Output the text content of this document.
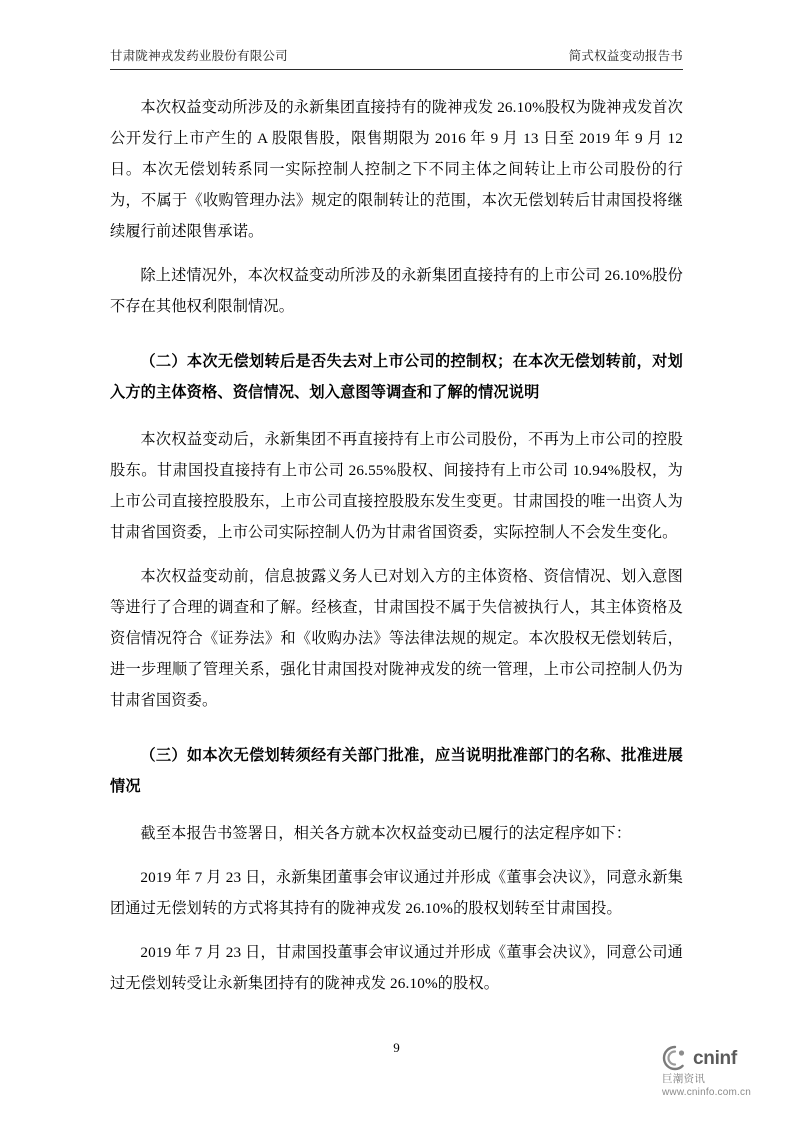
甘肃陇神戎发药业股份有限公司	简式权益变动报告书

本次权益变动所涉及的永新集团直接持有的陇神戎发 26.10%股权为陇神戎发首次公开发行上市产生的 A 股限售股，限售期限为 2016 年 9 月 13 日至 2019 年 9 月 12 日。本次无偿划转系同一实际控制人控制之下不同主体之间转让上市公司股份的行为，不属于《收购管理办法》规定的限制转让的范围，本次无偿划转后甘肃国投将继续履行前述限售承诺。

除上述情况外，本次权益变动所涉及的永新集团直接持有的上市公司 26.10%股份不存在其他权利限制情况。

（二）本次无偿划转后是否失去对上市公司的控制权；在本次无偿划转前，对划入方的主体资格、资信情况、划入意图等调查和了解的情况说明

本次权益变动后，永新集团不再直接持有上市公司股份，不再为上市公司的控股股东。甘肃国投直接持有上市公司 26.55%股权、间接持有上市公司 10.94%股权，为上市公司直接控股股东，上市公司直接控股股东发生变更。甘肃国投的唯一出资人为甘肃省国资委，上市公司实际控制人仍为甘肃省国资委，实际控制人不会发生变化。

本次权益变动前，信息披露义务人已对划入方的主体资格、资信情况、划入意图等进行了合理的调查和了解。经核查，甘肃国投不属于失信被执行人，其主体资格及资信情况符合《证券法》和《收购办法》等法律法规的规定。本次股权无偿划转后，进一步理顺了管理关系，强化甘肃国投对陇神戎发的统一管理，上市公司控制人仍为甘肃省国资委。

（三）如本次无偿划转须经有关部门批准，应当说明批准部门的名称、批准进展情况

截至本报告书签署日，相关各方就本次权益变动已履行的法定程序如下：

2019 年 7 月 23 日，永新集团董事会审议通过并形成《董事会决议》，同意永新集团通过无偿划转的方式将其持有的陇神戎发 26.10%的股权划转至甘肃国投。

2019 年 7 月 23 日，甘肃国投董事会审议通过并形成《董事会决议》，同意公司通过无偿划转受让永新集团持有的陇神戎发 26.10%的股权。

9
cninf
巨潮资讯
www.cninfo.com.cn
